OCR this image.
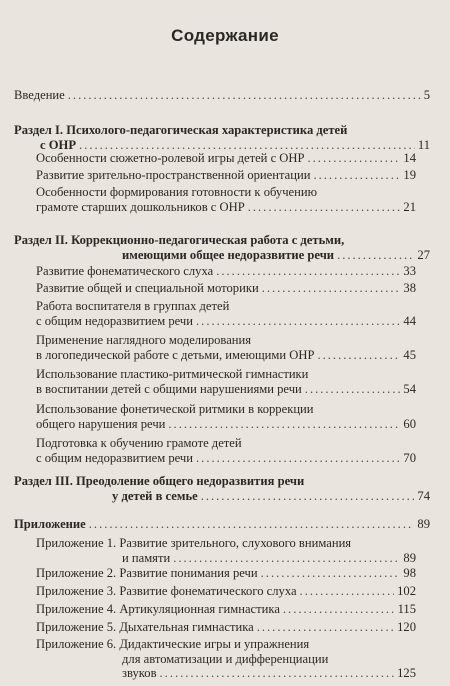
Содержание
Введение .....	5
Раздел I. Психолого-педагогическая характеристика детей
с ОНР .....	11
Особенности сюжетно-ролевой игры детей с ОНР .....	14
Развитие зрительно-пространственной ориентации .....	19
Особенности формирования готовности к обучению
грамоте старших дошкольников с ОНР .....	21
Раздел II. Коррекционно-педагогическая работа с детьми,
имеющими общее недоразвитие речи .....	27
Развитие фонематического слуха .....	33
Развитие общей и специальной моторики .....	38
Работа воспитателя в группах детей
с общим недоразвитием речи .....	44
Применение наглядного моделирования
в логопедической работе с детьми, имеющими ОНР .....	45
Использование пластико-ритмической гимнастики
в воспитании детей с общими нарушениями речи .....	54
Использование фонетической ритмики в коррекции
общего нарушения речи .....	60
Подготовка к обучению грамоте детей
с общим недоразвитием речи .....	70
Раздел III. Преодоление общего недоразвития речи
у детей в семье .....	74
Приложение .....	89
Приложение 1. Развитие зрительного, слухового внимания
и памяти .....	89
Приложение 2. Развитие понимания речи .....	98
Приложение 3. Развитие фонематического слуха .....	102
Приложение 4. Артикуляционная гимнастика .....	115
Приложение 5. Дыхательная гимнастика .....	120
Приложение 6. Дидактические игры и упражнения
для автоматизации и дифференциации
звуков .....	125
